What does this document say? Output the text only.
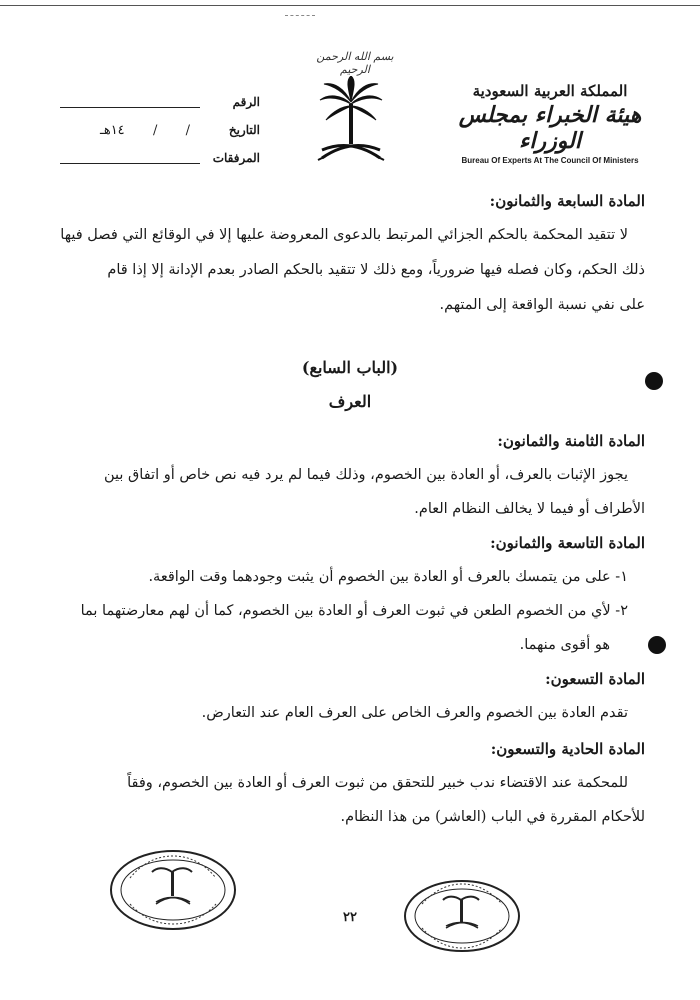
الرقم
التاريخ
/
/
١٤هـ
المرفقات
بسم الله الرحمن الرحيم
المملكة العربية السعودية
هيئة الخبراء بمجلس الوزراء
Bureau Of Experts At The Council Of Ministers
المادة السابعة والثمانون:
لا تتقيد المحكمة بالحكم الجزائي المرتبط بالدعوى المعروضة عليها إلا في الوقائع التي فصل فيها
ذلك الحكم، وكان فصله فيها ضرورياً، ومع ذلك لا تتقيد بالحكم الصادر بعدم الإدانة إلا إذا قام
على نفي نسبة الواقعة إلى المتهم.
(الباب السابع)
العرف
المادة الثامنة والثمانون:
يجوز الإثبات بالعرف، أو العادة بين الخصوم، وذلك فيما لم يرد فيه نص خاص أو اتفاق بين
الأطراف أو فيما لا يخالف النظام العام.
المادة التاسعة والثمانون:
١- على من يتمسك بالعرف أو العادة بين الخصوم أن يثبت وجودهما وقت الواقعة.
٢- لأي من الخصوم الطعن في ثبوت العرف أو العادة بين الخصوم، كما أن لهم معارضتهما بما
هو أقوى منهما.
المادة التسعون:
تقدم العادة بين الخصوم والعرف الخاص على العرف العام عند التعارض.
المادة الحادية والتسعون:
للمحكمة عند الاقتضاء ندب خبير للتحقق من ثبوت العرف أو العادة بين الخصوم، وفقاً
للأحكام المقررة في الباب (العاشر) من هذا النظام.
٢٢
